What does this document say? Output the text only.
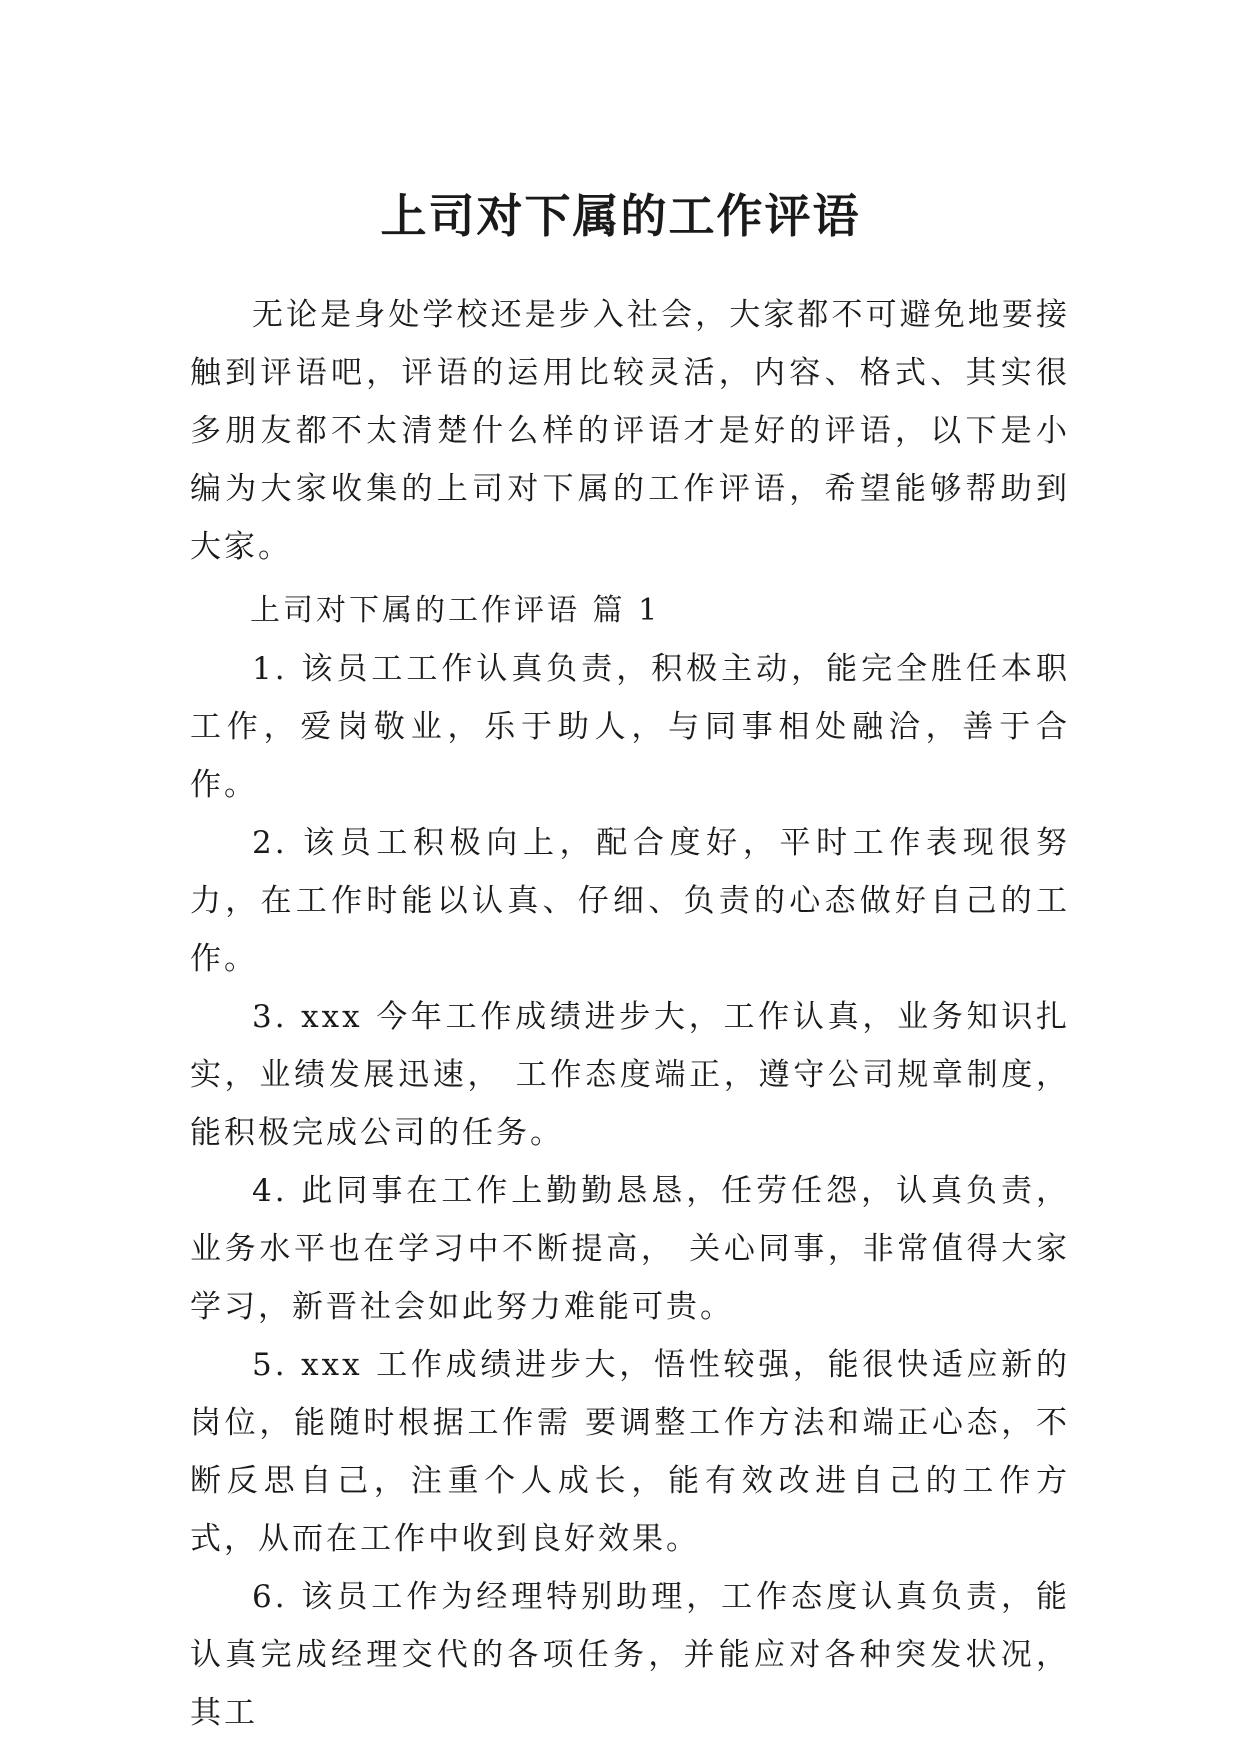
上司对下属的工作评语

无论是身处学校还是步入社会，大家都不可避免地要接触到评语吧，评语的运用比较灵活，内容、格式、其实很多朋友都不太清楚什么样的评语才是好的评语，以下是小编为大家收集的上司对下属的工作评语，希望能够帮助到大家。

上司对下属的工作评语 篇 1

1. 该员工工作认真负责，积极主动，能完全胜任本职工作，爱岗敬业，乐于助人，与同事相处融洽，善于合作。

2. 该员工积极向上，配合度好，平时工作表现很努力，在工作时能以认真、仔细、负责的心态做好自己的工作。

3. xxx 今年工作成绩进步大，工作认真，业务知识扎实，业绩发展迅速， 工作态度端正，遵守公司规章制度，能积极完成公司的任务。

4. 此同事在工作上勤勤恳恳，任劳任怨，认真负责，业务水平也在学习中不断提高， 关心同事，非常值得大家学习，新晋社会如此努力难能可贵。

5. xxx 工作成绩进步大，悟性较强，能很快适应新的岗位，能随时根据工作需 要调整工作方法和端正心态，不断反思自己，注重个人成长，能有效改进自己的工作方式，从而在工作中收到良好效果。

6. 该员工作为经理特别助理，工作态度认真负责，能认真完成经理交代的各项任务，并能应对各种突发状况，其工
